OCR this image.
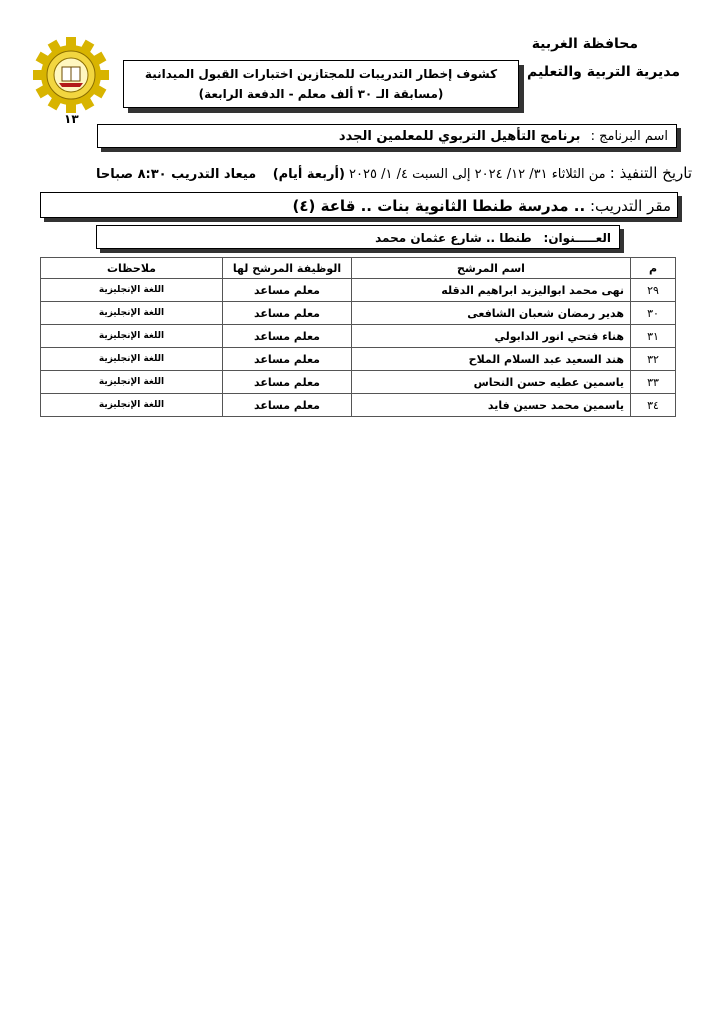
محافظة الغربية
مديرية التربية والتعليم
كشوف إخطار التدريبات للمجتازين اختبارات القبول الميدانية
(مسابقة الـ ٣٠ ألف معلم - الدفعة الرابعة)
١٣
اسم البرنامج : برنامج التأهيل التربوي للمعلمين الجدد
تاريخ التنفيذ : من الثلاثاء ٣١/ ١٢/ ٢٠٢٤ إلى السبت ٤/ ١/ ٢٠٢٥ (أربعة أيام)    ميعاد التدريب ٨:٣٠ صباحا
مقر التدريب: .. مدرسة طنطا الثانوية بنات .. قاعة (٤)
العـــــنوان: طنطا .. شارع عثمان محمد
م	اسم المرشح	الوظيفة المرشح لها	ملاحظات
٢٩	نهى محمد ابواليزيد ابراهيم الدقله	معلم مساعد	اللغة الإنجليزية
٣٠	هدير رمضان شعبان الشافعى	معلم مساعد	اللغة الإنجليزية
٣١	هناء فتحي انور الدابولي	معلم مساعد	اللغة الإنجليزية
٣٢	هند السعيد عبد السلام الملاح	معلم مساعد	اللغة الإنجليزية
٣٣	ياسمين عطيه حسن النحاس	معلم مساعد	اللغة الإنجليزية
٣٤	ياسمين محمد حسين فايد	معلم مساعد	اللغة الإنجليزية
